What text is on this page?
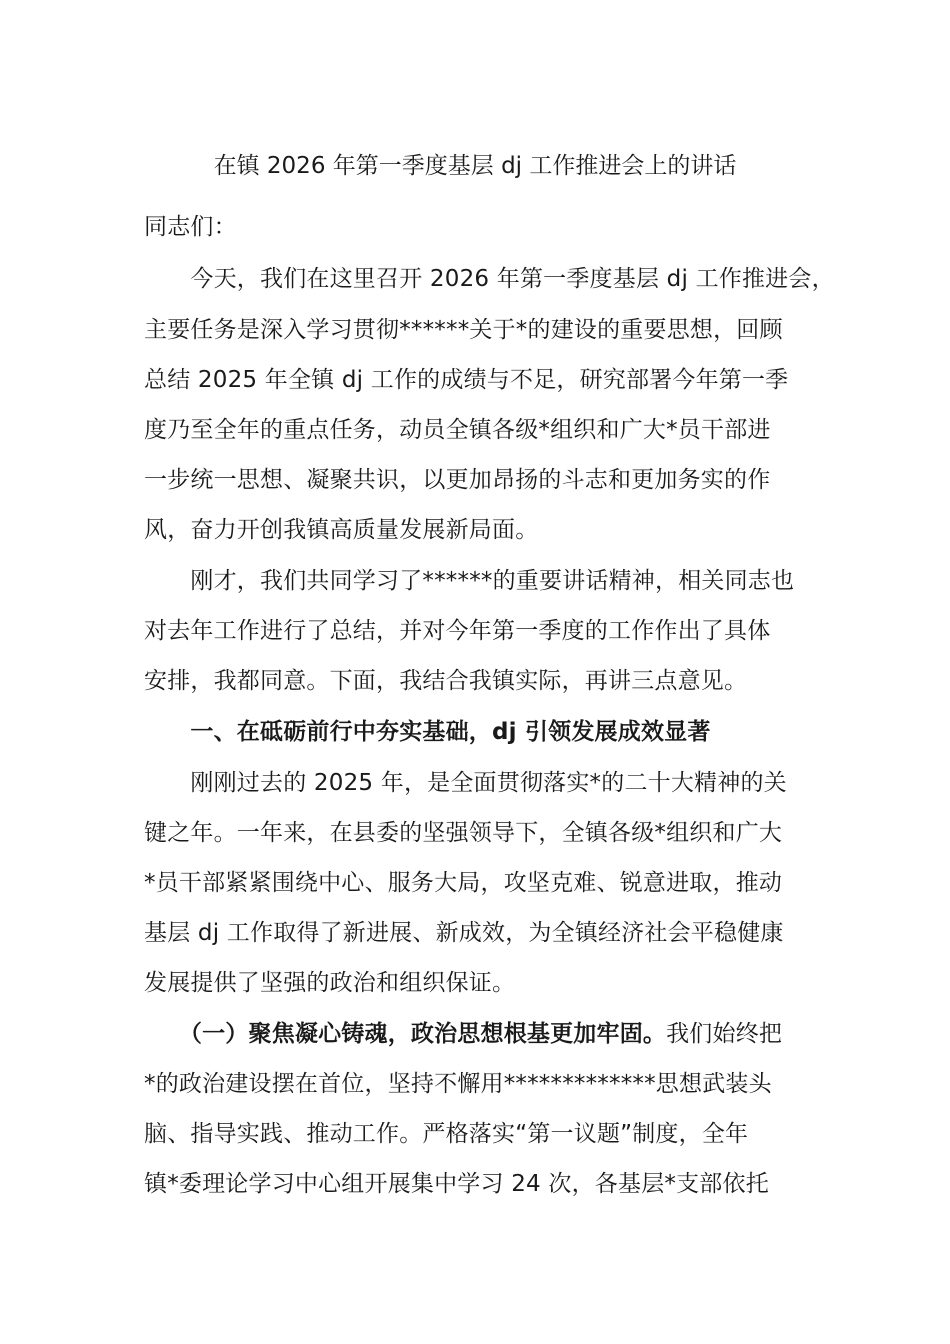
在镇 2026 年第一季度基层 dj 工作推进会上的讲话
同志们：
　　今天，我们在这里召开 2026 年第一季度基层 dj 工作推进会，
主要任务是深入学习贯彻******关于*的建设的重要思想，回顾
总结 2025 年全镇 dj 工作的成绩与不足，研究部署今年第一季
度乃至全年的重点任务，动员全镇各级*组织和广大*员干部进
一步统一思想、凝聚共识，以更加昂扬的斗志和更加务实的作
风，奋力开创我镇高质量发展新局面。
　　刚才，我们共同学习了******的重要讲话精神，相关同志也
对去年工作进行了总结，并对今年第一季度的工作作出了具体
安排，我都同意。下面，我结合我镇实际，再讲三点意见。
　　一、在砥砺前行中夯实基础，dj 引领发展成效显著
　　刚刚过去的 2025 年，是全面贯彻落实*的二十大精神的关
键之年。一年来，在县委的坚强领导下，全镇各级*组织和广大
*员干部紧紧围绕中心、服务大局，攻坚克难、锐意进取，推动
基层 dj 工作取得了新进展、新成效，为全镇经济社会平稳健康
发展提供了坚强的政治和组织保证。
　　（一）聚焦凝心铸魂，政治思想根基更加牢固。我们始终把
*的政治建设摆在首位，坚持不懈用*************思想武装头
脑、指导实践、推动工作。严格落实“第一议题”制度，全年
镇*委理论学习中心组开展集中学习 24 次，各基层*支部依托
